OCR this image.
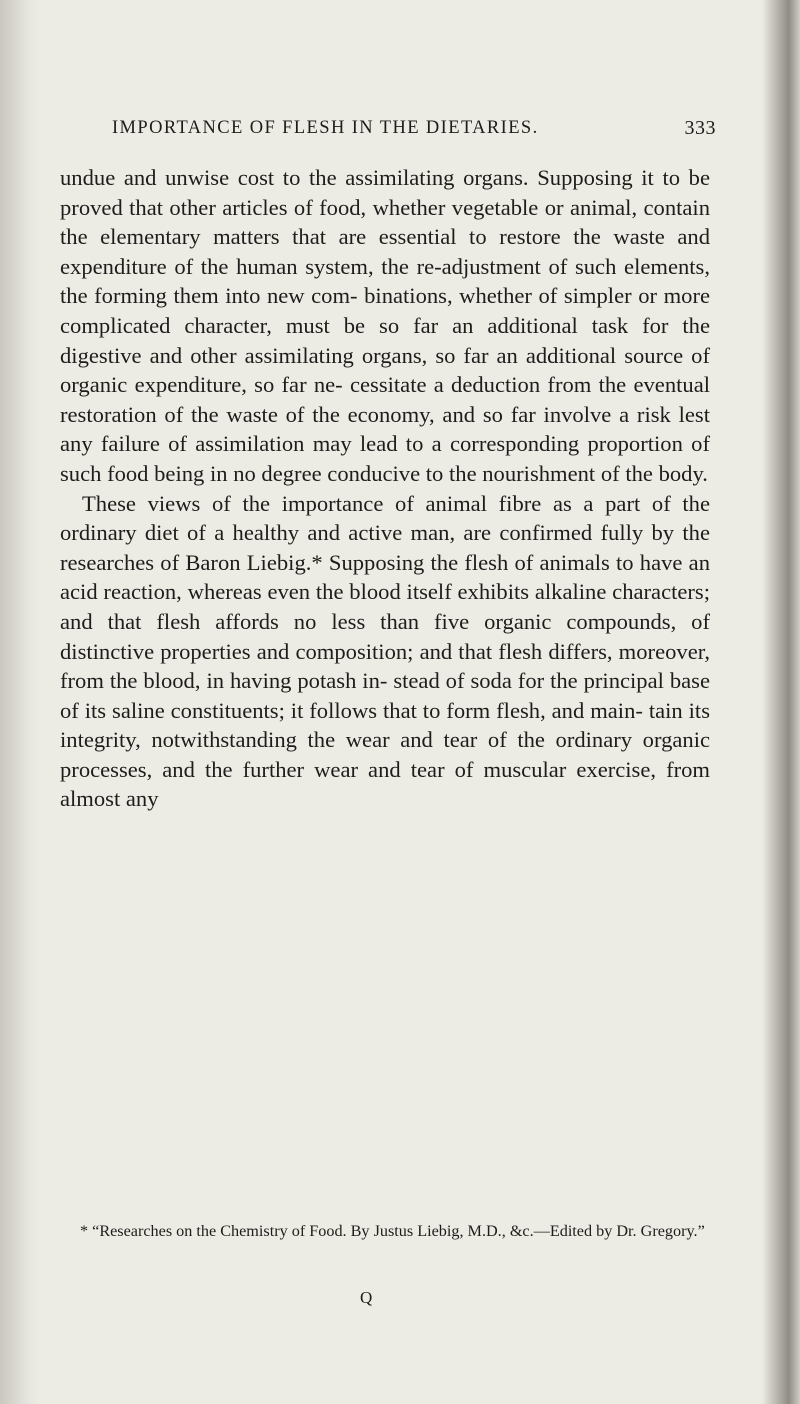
IMPORTANCE OF FLESH IN THE DIETARIES.	333

undue and unwise cost to the assimilating organs. Supposing it to be proved that other articles of food, whether vegetable or animal, contain the elementary matters that are essential to restore the waste and expenditure of the human system, the re-adjustment of such elements, the forming them into new com- binations, whether of simpler or more complicated character, must be so far an additional task for the digestive and other assimilating organs, so far an additional source of organic expenditure, so far ne- cessitate a deduction from the eventual restoration of the waste of the economy, and so far involve a risk lest any failure of assimilation may lead to a corresponding proportion of such food being in no degree conducive to the nourishment of the body.

These views of the importance of animal fibre as a part of the ordinary diet of a healthy and active man, are confirmed fully by the researches of Baron Liebig.* Supposing the flesh of animals to have an acid reaction, whereas even the blood itself exhibits alkaline characters; and that flesh affords no less than five organic compounds, of distinctive properties and composition; and that flesh differs, moreover, from the blood, in having potash in- stead of soda for the principal base of its saline constituents; it follows that to form flesh, and main- tain its integrity, notwithstanding the wear and tear of the ordinary organic processes, and the further wear and tear of muscular exercise, from almost any

* “Researches on the Chemistry of Food. By Justus Liebig, M.D., &c.—Edited by Dr. Gregory.”
Q
